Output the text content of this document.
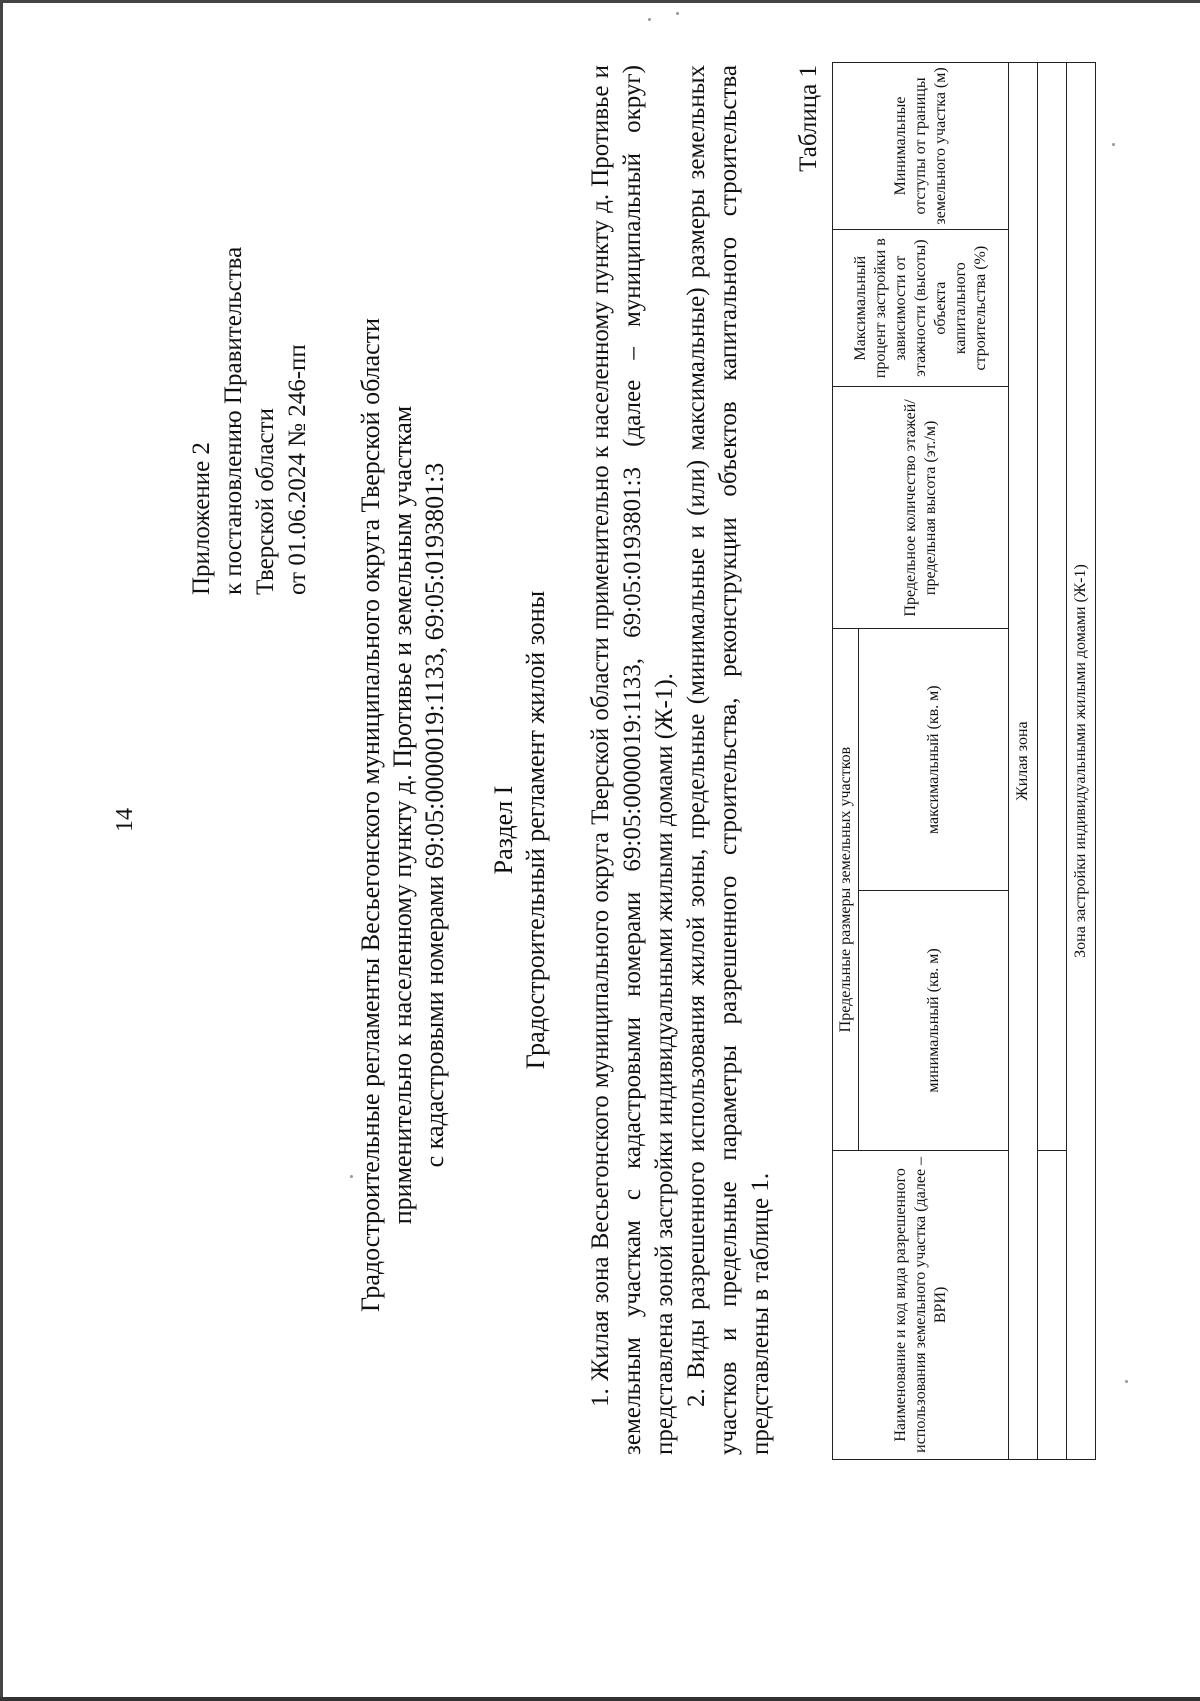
14
Приложение 2 к постановлению Правительства Тверской области от 01.06.2024 № 246-пп Градостроительные регламенты Весьегонского муниципального округа Тверской области применительно к населенному пункту д. Противье и земельным участкам с кадастровыми номерами 69:05:0000019:1133, 69:05:0193801:3 Раздел I Градостроительный регламент жилой зоны 1. Жилая зона Весьегонского муниципального округа Тверской области применительно к населенному пункту д. Противье и земельным участкам с кадастровыми номерами 69:05:0000019:1133, 69:05:0193801:3 (далее – муниципальный округ) представлена зоной застройки индивидуальными жилыми домами (Ж-1). 2. Виды разрешенного использования жилой зоны, предельные (минимальные и (или) максимальные) размеры земельных участков и предельные параметры разрешенного строительства, реконструкции объектов капитального строительства представлены в таблице 1.

Таблица 1
Наименование и код вида разрешенного использования земельного участка (далее – ВРИ)	Предельные размеры земельных участков		Предельное количество этажей/предельная высота (эт./м)	Максимальный процент застройки в зависимости от этажности (высоты) объекта капитального строительства (%)	Минимальные отступы от границы земельного участка (м)
	минимальный (кв. м)	максимальный (кв. м)			
Жилая зона					

Зона застройки индивидуальными жилыми домами (Ж-1)					
